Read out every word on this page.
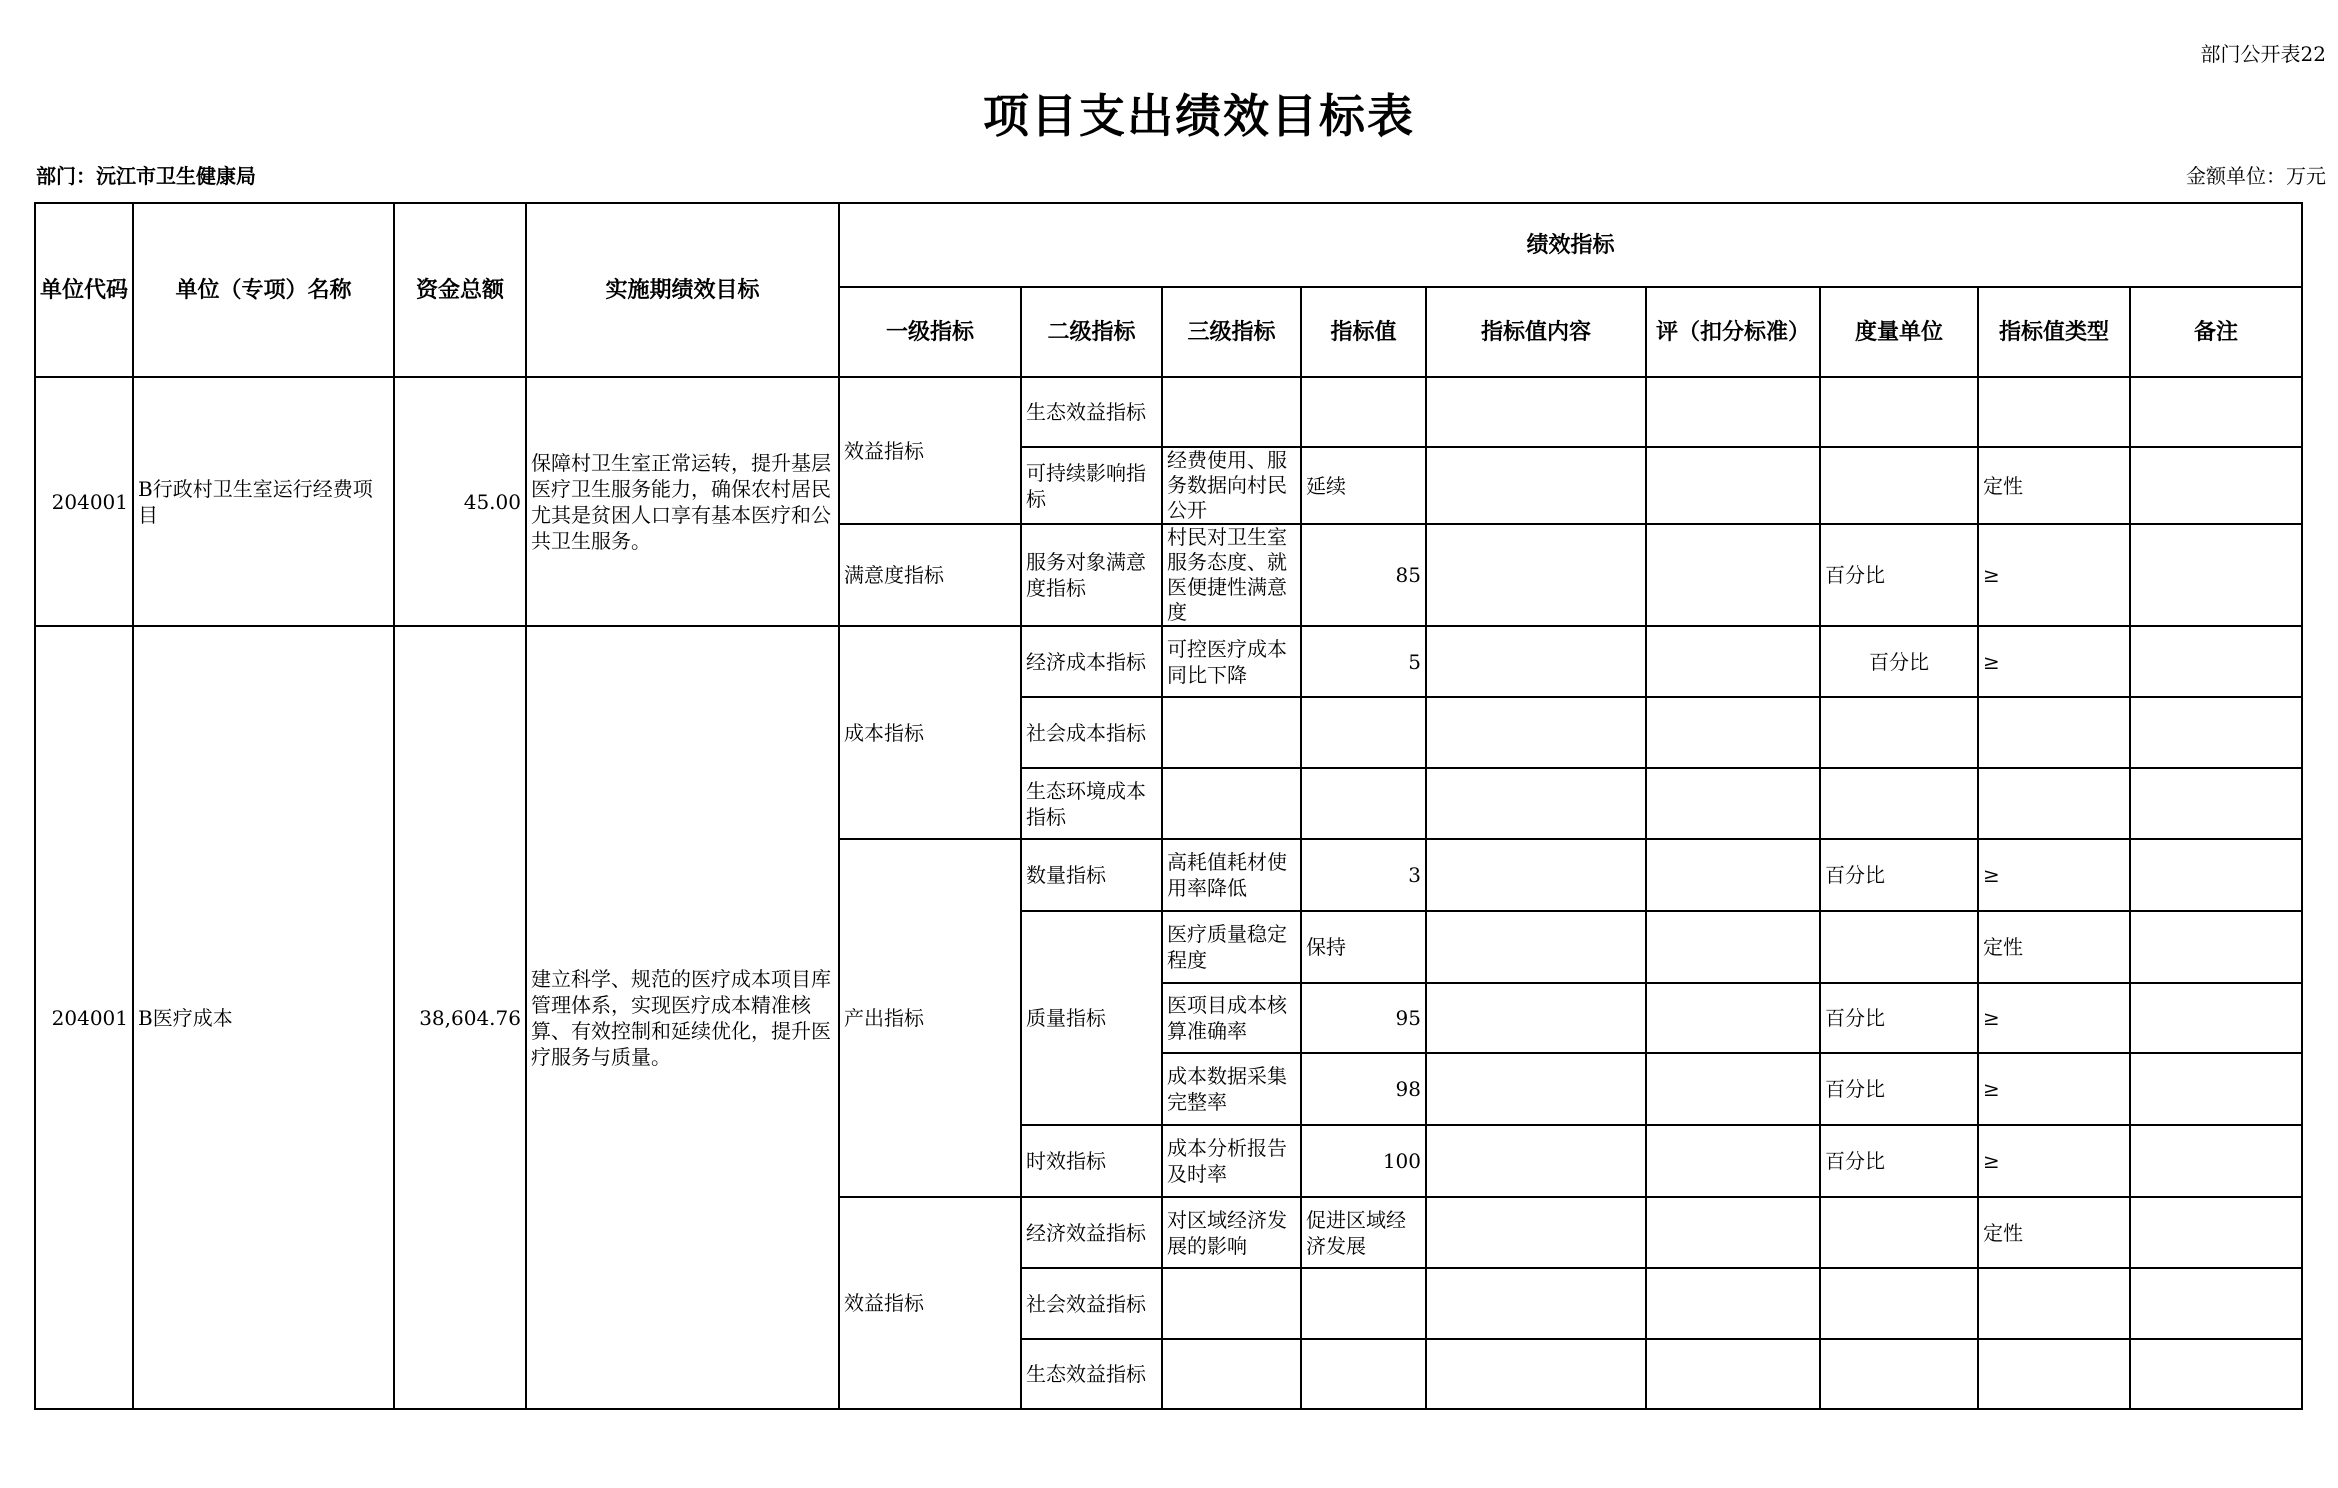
部门公开表22
项目支出绩效目标表
部门：沅江市卫生健康局	金额单位：万元
单位代码	单位（专项）名称	资金总额	实施期绩效目标	绩效指标								
				一级指标	二级指标	三级指标	指标值	指标值内容	评（扣分标准）	度量单位	指标值类型	备注
204001	B行政村卫生室运行经费项目	45.00	保障村卫生室正常运转，提升基层医疗卫生服务能力，确保农村居民尤其是贫困人口享有基本医疗和公共卫生服务。	效益指标	生态效益指标							
					可持续影响指标	经费使用、服务数据向村民公开	延续				定性	
				满意度指标	服务对象满意度指标	村民对卫生室服务态度、就医便捷性满意度	85			百分比	≥	
204001	B医疗成本	38,604.76	建立科学、规范的医疗成本项目库管理体系，实现医疗成本精准核算、有效控制和延续优化，提升医疗服务与质量。	成本指标	经济成本指标	可控医疗成本同比下降	5			百分比	≥	
					社会成本指标							
					生态环境成本指标							
				产出指标	数量指标	高耗值耗材使用率降低	3			百分比	≥	
					质量指标	医疗质量稳定程度	保持				定性	
						医项目成本核算准确率	95			百分比	≥	
						成本数据采集完整率	98			百分比	≥	
					时效指标	成本分析报告及时率	100			百分比	≥	
				效益指标	经济效益指标	对区域经济发展的影响	促进区域经济发展				定性	
					社会效益指标							
					生态效益指标							
